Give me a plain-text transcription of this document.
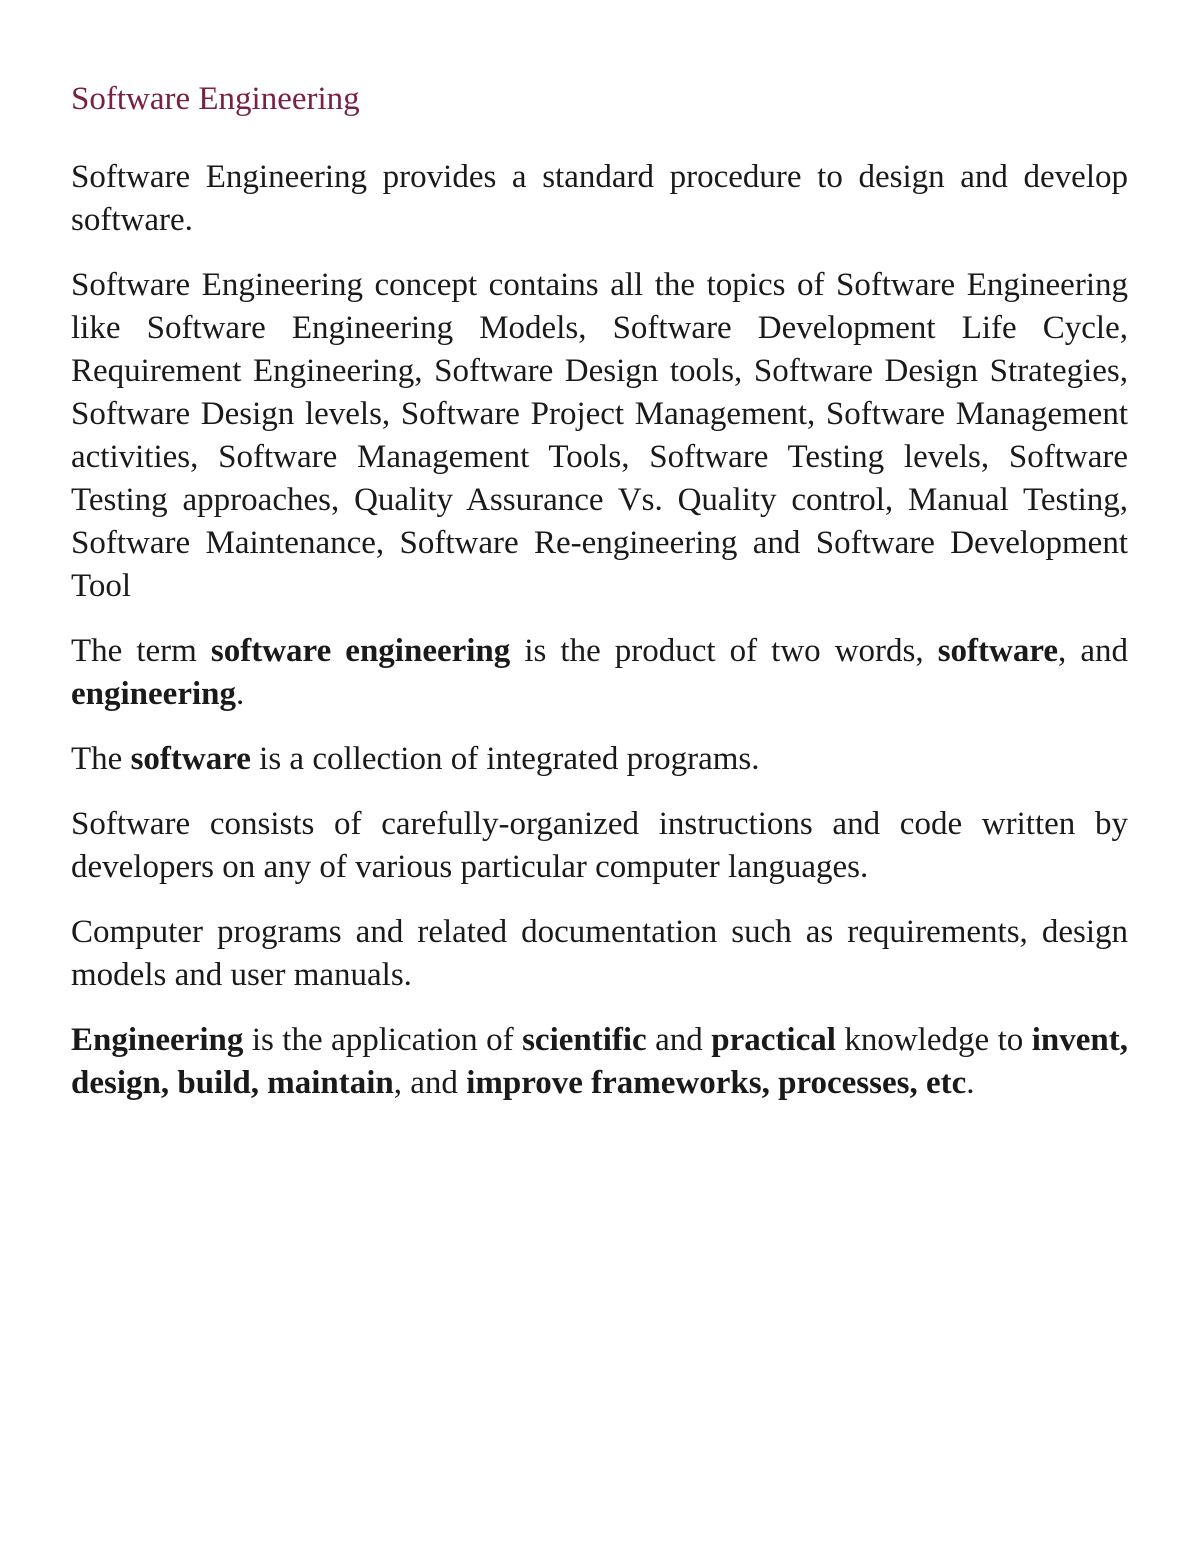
Software Engineering

Software Engineering provides a standard procedure to design and develop software.

Software Engineering concept contains all the topics of Software Engineering like Software Engineering Models, Software Development Life Cycle, Requirement Engineering, Software Design tools, Software Design Strategies, Software Design levels, Software Project Management, Software Management activities, Software Management Tools, Software Testing levels, Software Testing approaches, Quality Assurance Vs. Quality control, Manual Testing, Software Maintenance, Software Re-engineering and Software Development Tool

The term software engineering is the product of two words, software, and engineering.

The software is a collection of integrated programs.

Software consists of carefully-organized instructions and code written by developers on any of various particular computer languages.

Computer programs and related documentation such as requirements, design models and user manuals.

Engineering is the application of scientific and practical knowledge to invent, design, build, maintain, and improve frameworks, processes, etc.
